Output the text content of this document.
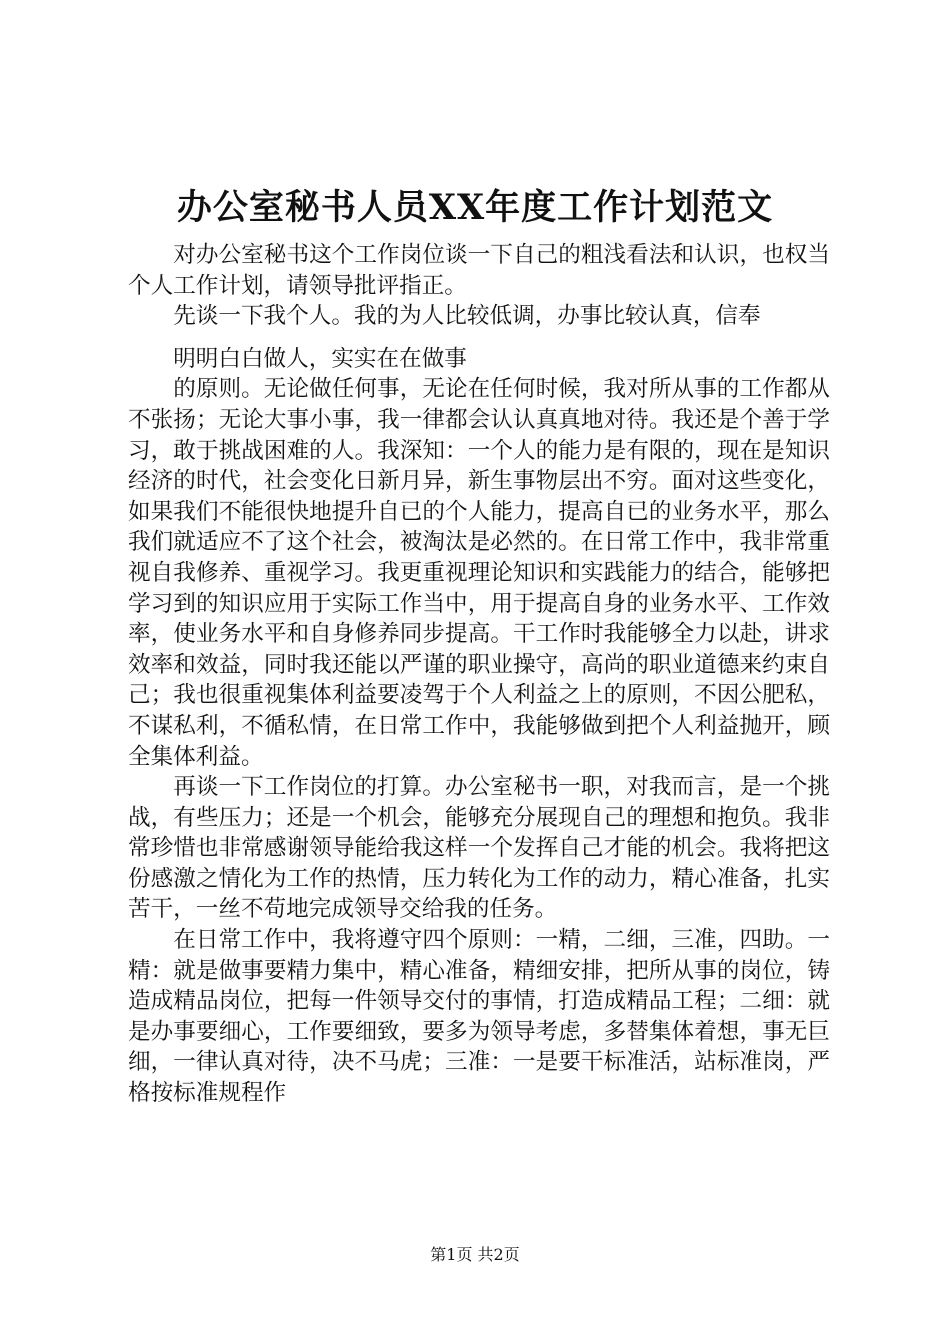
办公室秘书人员XX年度工作计划范文

对办公室秘书这个工作岗位谈一下自己的粗浅看法和认识，也权当个人工作计划，请领导批评指正。

先谈一下我个人。我的为人比较低调，办事比较认真，信奉

明明白白做人，实实在在做事

的原则。无论做任何事，无论在任何时候，我对所从事的工作都从不张扬；无论大事小事，我一律都会认认真真地对待。我还是个善于学习，敢于挑战困难的人。我深知：一个人的能力是有限的，现在是知识经济的时代，社会变化日新月异，新生事物层出不穷。面对这些变化，如果我们不能很快地提升自已的个人能力，提高自已的业务水平，那么我们就适应不了这个社会，被淘汰是必然的。在日常工作中，我非常重视自我修养、重视学习。我更重视理论知识和实践能力的结合，能够把学习到的知识应用于实际工作当中，用于提高自身的业务水平、工作效率，使业务水平和自身修养同步提高。干工作时我能够全力以赴，讲求效率和效益，同时我还能以严谨的职业操守，高尚的职业道德来约束自己；我也很重视集体利益要凌驾于个人利益之上的原则，不因公肥私，不谋私利，不循私情，在日常工作中，我能够做到把个人利益抛开，顾全集体利益。

再谈一下工作岗位的打算。办公室秘书一职，对我而言，是一个挑战，有些压力；还是一个机会，能够充分展现自己的理想和抱负。我非常珍惜也非常感谢领导能给我这样一个发挥自己才能的机会。我将把这份感激之情化为工作的热情，压力转化为工作的动力，精心准备，扎实苦干，一丝不苟地完成领导交给我的任务。

在日常工作中，我将遵守四个原则：一精，二细，三准，四助。一精：就是做事要精力集中，精心准备，精细安排，把所从事的岗位，铸造成精品岗位，把每一件领导交付的事情，打造成精品工程；二细：就是办事要细心，工作要细致，要多为领导考虑，多替集体着想，事无巨细，一律认真对待，决不马虎；三准：一是要干标准活，站标准岗，严格按标准规程作

第1页 共2页
